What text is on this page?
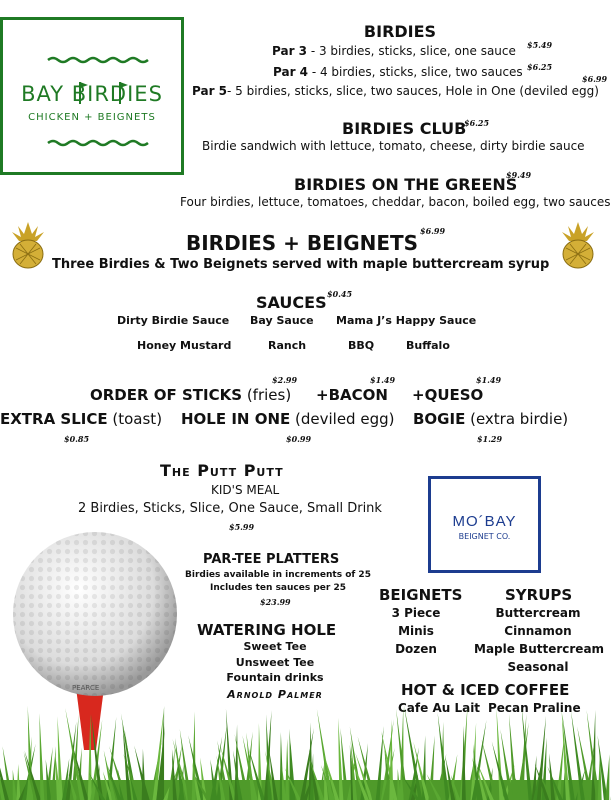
BAY BIRDIES
CHICKEN + BEIGNETS
BIRDIES
Par 3 - 3 birdies, sticks, slice, one sauce $5.49
Par 4 - 4 birdies, sticks, slice, two sauces $6.25
Par 5- 5 birdies, sticks, slice, two sauces, Hole in One (deviled egg)
$6.99
BIRDIES CLUB
$6.25
Birdie sandwich with lettuce, tomato, cheese, dirty birdie sauce
BIRDIES ON THE GREENS
$9.49
Four birdies, lettuce, tomatoes, cheddar, bacon, boiled egg, two sauces
BIRDIES + BEIGNETS $6.99
Three Birdies & Two Beignets served with maple buttercream syrup
SAUCES $0.45
Dirty Birdie Sauce Bay Sauce Mama J’s Happy Sauce
Honey Mustard	Ranch	BBQ	Buffalo
ORDER OF STICKS (fries)
$2.99
+BACON
$1.49
+QUESO
$1.49
EXTRA SLICE (toast)
$0.85
HOLE IN ONE (deviled egg)
$0.99
BOGIE (extra birdie)
$1.29
The Putt Putt
KID'S MEAL
2 Birdies, Sticks, Slice, One Sauce, Small Drink
$5.99	MO´BAY
BEIGNET CO.
PEARCE
PAR-TEE PLATTERS
Birdies available in increments of 25
Includes ten sauces per 25
$23.99
WATERING HOLE
Sweet Tee
Unsweet Tee
Fountain drinks
Arnold Palmer
BEIGNETS
3 Piece
Minis
Dozen
SYRUPS
Buttercream
Cinnamon
Maple Buttercream
Seasonal
HOT & ICED COFFEE
Cafe Au Lait Pecan Praline
